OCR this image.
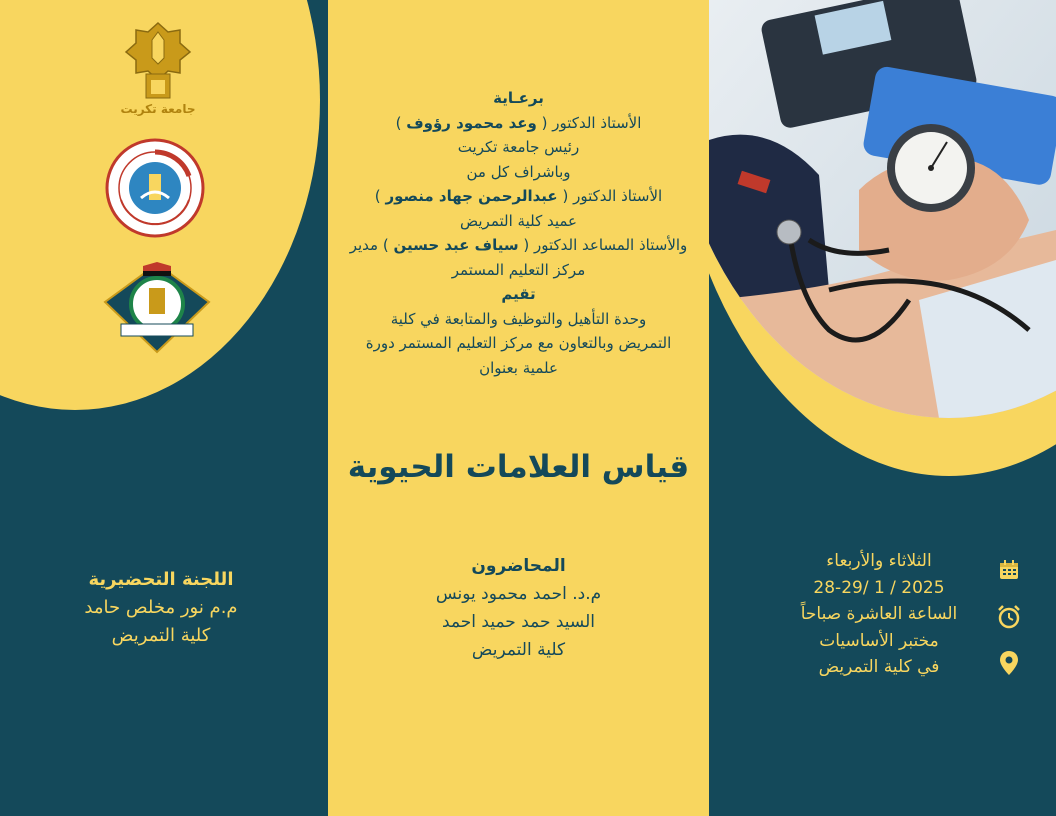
جامعة تكريت
اللجنة التحضيرية
م.م نور مخلص حامد
كلية التمريض
برعـاية
الأستاذ الدكتور ( وعد محمود رؤوف )
رئيس جامعة تكريت
وباشراف كل من
الأستاذ الدكتور ( عبدالرحمن جهاد منصور )
عميد كلية التمريض
والأستاذ المساعد الدكتور ( سياف عبد حسين ) مدير
مركز التعليم المستمر
تقيم
وحدة التأهيل والتوظيف والمتابعة في كلية
التمريض وبالتعاون مع مركز التعليم المستمر دورة
علمية بعنوان
قياس العلامات الحيوية
المحاضرون
م.د. احمد محمود يونس
السيد حمد حميد احمد
كلية التمريض
الثلاثاء والأربعاء
28-29/ 1 / 2025
الساعة العاشرة صباحاً
مختبر الأساسيات
في كلية التمريض
